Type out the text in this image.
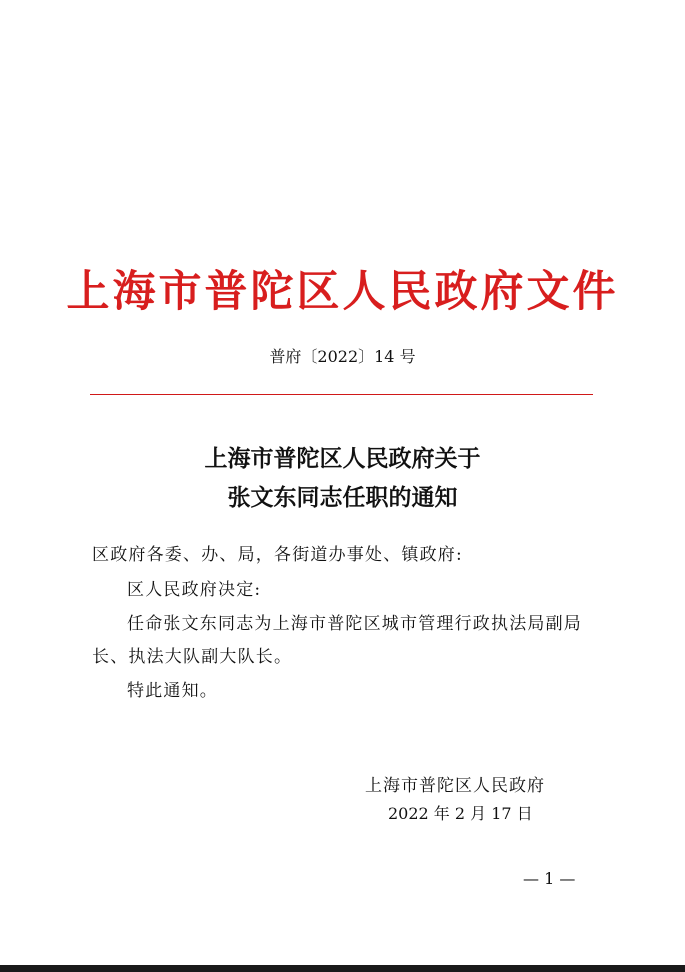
上海市普陀区人民政府文件
普府〔2022〕14 号
上海市普陀区人民政府关于
张文东同志任职的通知
区政府各委、办、局，各街道办事处、镇政府:
区人民政府决定:
任命张文东同志为上海市普陀区城市管理行政执法局副局
长、执法大队副大队长。
特此通知。
上海市普陀区人民政府
2022 年 2 月 17 日
— 1 —
